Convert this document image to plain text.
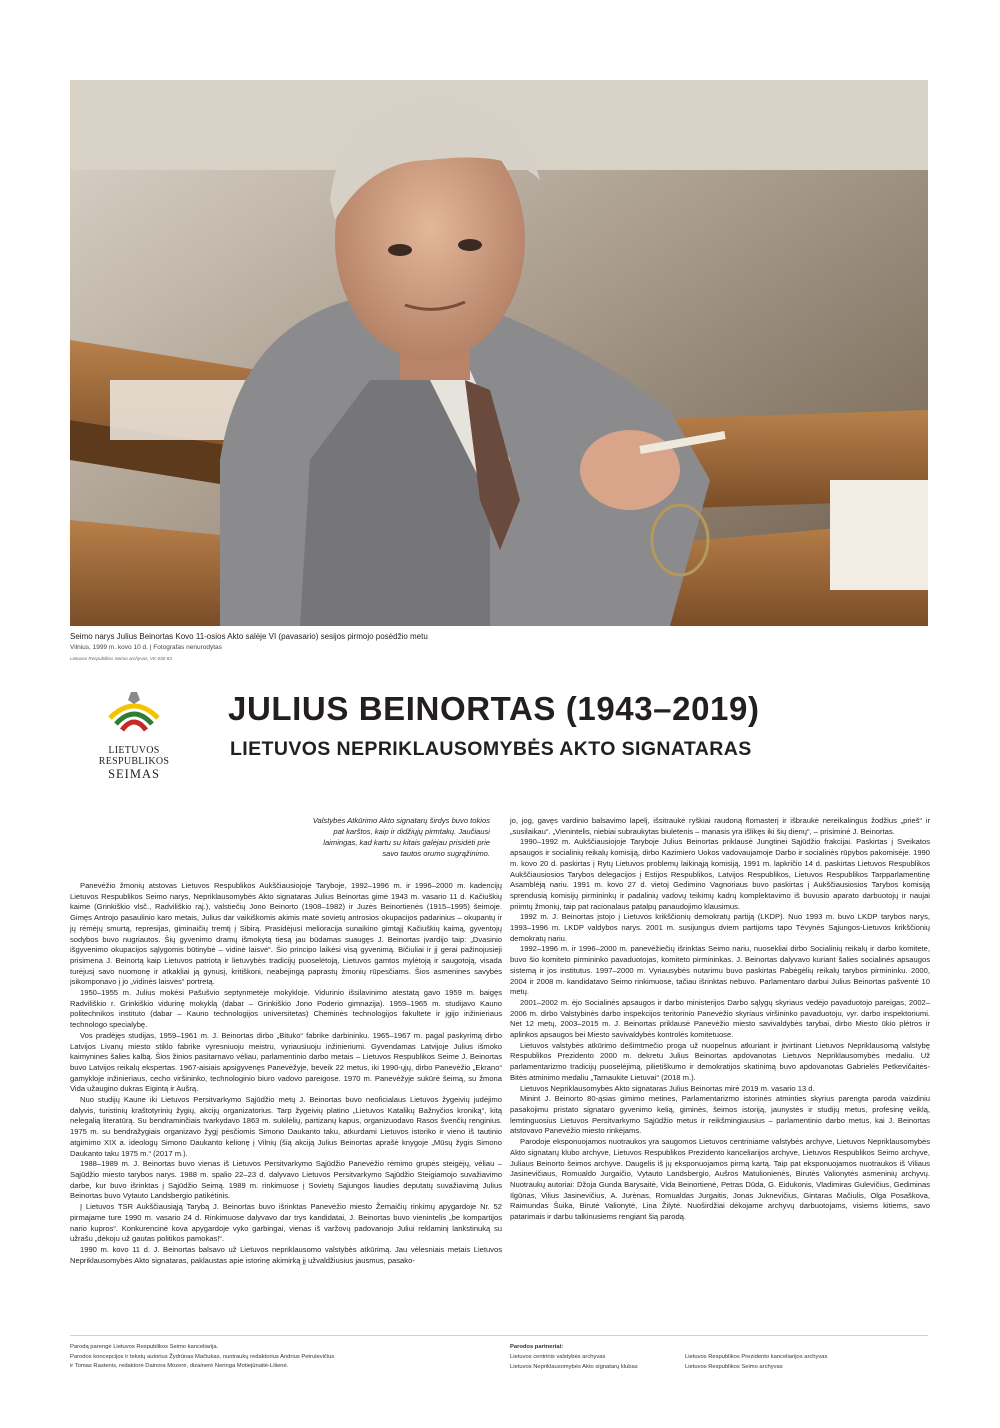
Seimo narys Julius Beinortas Kovo 11-osios Akto salėje VI (pavasario) sesijos pirmojo posėdžio metu
Vilnius, 1999 m. kovo 10 d. | Fotografas nenurodytas
Lietuvos Respublikos Seimo archyvas, VK-030-83
LIETUVOS RESPUBLIKOS
SEIMAS
JULIUS BEINORTAS (1943–2019)
LIETUVOS NEPRIKLAUSOMYBĖS AKTO SIGNATARAS
Valstybės Atkūrimo Akto signatarų širdys buvo tokios pat karštos, kaip ir didžiųjų pirmtakų. Jaučiausi laimingas, kad kartu su kitais galėjau prisidėti prie savo tautos orumo sugrąžinimo.

Panevėžio žmonių atstovas Lietuvos Respublikos Aukščiausiojoje Taryboje, 1992–1996 m. ir 1996–2000 m. kadencijų Lietuvos Respublikos Seimo narys, Nepriklausomybės Akto signataras Julius Beinortas gimė 1943 m. vasario 11 d. Kačiuškių kaime (Grinkiškio vlsč., Radviliškio raj.), valstiečių Jono Beinorto (1908–1982) ir Juzės Beinortienės (1915–1995) šeimoje. Gimęs Antrojo pasaulinio karo metais, Julius dar vaikiškomis akimis matė sovietų antrosios okupacijos padarinius – okupantų ir jų rėmėjų smurtą, represijas, giminaičių tremtį į Sibirą. Prasidėjusi melioracija sunaikino gimtąjį Kačiuškių kaimą, gyventojų sodybos buvo nugriautos. Šių gyvenimo dramų išmokytą tiesą jau būdamas suaugęs J. Beinortas įvardijo taip: „Dvasinio išgyvenimo okupacijos sąlygomis būtinybė – vidinė laisvė“. Šio principo laikėsi visą gyvenimą. Bičiuliai ir jį gerai pažinojusieji prisimena J. Beinortą kaip Lietuvos patriotą ir lietuvybės tradicijų puoselėtoją, Lietuvos gamtos mylėtoją ir saugotoją, visada turėjusį savo nuomonę ir atkakliai ją gynusį, kritiškoni, neabejingą paprastų žmonių rūpesčiams. Šios asmenines savybės jsikomponavo į jo „vidinės laisvės“ portretą.

1950–1955 m. Julius mokėsi Pašušvio septynmetėje mokykloje. Vidurinio išsilavinimo atestatą gavo 1959 m. baigęs Radviliškio r. Grinkiškio vidurinę mokyklą (dabar – Grinkiškio Jono Poderio gimnazija). 1959–1965 m. studijavo Kauno politechnikos instituto (dabar – Kauno technologijos universitetas) Cheminės technologijos fakultete ir įgijo inžinieriaus technologo specialybę.

Vos pradėjęs studijas, 1959–1961 m. J. Beinortas dirbo „Bituko“ fabrike darbininku. 1965–1967 m. pagal paskyrimą dirbo Latvijos Livanų miesto stiklo fabrike vyresniuoju meistru, vyriausiuoju inžinieriumi. Gyvendamas Latvijoje Julius išmoko kaimynines šalies kalbą. Šios žinios pasitarnavo vėliau, parlamentinio darbo metais – Lietuvos Respublikos Seime J. Beinortas buvo Latvijos reikalų ekspertas. 1967-aisiais apsigyvenęs Panevėžyje, beveik 22 metus, iki 1990-ųjų, dirbo Panevėžio „Ekrano“ gamykloje inžinieriaus, cecho viršininko, technologinio biuro vadovo pareigose. 1970 m. Panevėžyje sukūrė šeimą, su žmona Vida užaugino dukras Eigintą ir Aušrą.

Nuo studijų Kaune iki Lietuvos Persitvarkymo Sąjūdžio metų J. Beinortas buvo neoficialaus Lietuvos žygeivių judėjimo dalyvis, turistinių kraštotyrinių žygių, akcijų organizatorius. Tarp žygeivių platino „Lietuvos Katalikų Bažnyčios kroniką“, kitą nelegalią literatūrą. Su bendraminčiais tvarkydavo 1863 m. sukilėlių, partizanų kapus, organizuodavo Rasos švenčių renginius. 1975 m. su bendražygiais organizavo žygį pėsčiomis Simono Daukanto taku, atkurdami Lietuvos istorikо ir vieno iš tautinio atgimimo XIX a. ideologų Simono Daukanto kelionę į Vilnių (šią akciją Julius Beinortas aprašė knygoje „Mūsų žygis Simono Daukanto taku 1975 m.“ (2017 m.).

1988–1989 m. J. Beinortas buvo vienas iš Lietuvos Persitvarkymo Sąjūdžio Panevėžio rėmimo grupės steigėjų, vėliau – Sąjūdžio miesto tarybos narys. 1988 m. spalio 22–23 d. dalyvavo Lietuvos Persitvarkymo Sąjūdžio Steigiamojo suvažiavimo darbe, kur buvo išrinktas į Sąjūdžio Seimą. 1989 m. rinkimuose į Sovietų Sąjungos liaudies deputatų suvažiavimą Julius Beinortas buvo Vytauto Landsbergio patikėtinis.

Į Lietuvos TSR Aukščiausiąją Tarybą J. Beinortas buvo išrinktas Panevėžio miesto Žemaičių rinkimų apygardoje Nr. 52 pirmajame ture 1990 m. vasario 24 d. Rinkimuose dalyvavo dar trys kandidatai, J. Beinortas buvo vienintelis „be kompartijos nario kupros“. Konkurencinė kova apygardoje vyko garbingai, vienas iš varžovų padovanojo Juliui reklaminį lankstinuką su užrašu „dėkoju už gautas politikos pamokas!“.

1990 m. kovo 11 d. J. Beinortas balsavo už Lietuvos nepriklausomo valstybės atkūrimą. Jau vėlesniais metais Lietuvos Nepriklausomybės Akto signataras, paklaustas apie istorinę akimirką jį užvaldžiusius jausmus, pasako-

jo, jog, gavęs vardinio balsavimo lapelį, išsitraukė ryškiai raudoną flomasterį ir išbraukė nereikalingus žodžius „prieš“ ir „susilaikau“. „Vienintelis, niebiai subraukytas biuletenis – manasis yra išlikęs iki šių dienų“, – prisiminė J. Beinortas.

1990–1992 m. Aukščiausiojoje Taryboje Julius Beinortas priklausė Jungtinei Sąjūdžio frakcijai. Paskirtas į Sveikatos apsaugos ir socialinių reikalų komisiją, dirbo Kazimiero Uokos vadovaujamoje Darbo ir socialinės rūpybos pakomisėje. 1990 m. kovo 20 d. paskirtas į Rytų Lietuvos problemų laikinąją komisiją, 1991 m. lapkričio 14 d. paskirtas Lietuvos Respublikos Aukščiausiosios Tarybos delegacijos į Estijos Respublikos, Latvijos Respublikos, Lietuvos Respublikos Tarpparlamentinę Asamblėją nariu. 1991 m. kovo 27 d. vietoj Gedimino Vagnoriaus buvo paskirtas į Aukščiausiosios Tarybos komisiją sprendusią komisijų pirmininkų ir padalinių vadovų teikimų kadrų komplektavimo iš buvusio aparato darbuotojų ir naujai priimtų žmonių, taip pat racionalaus patalpų panaudojimo klausimus.

1992 m. J. Beinortas įstojo į Lietuvos krikščionių demokratų partiją (LKDP). Nuo 1993 m. buvo LKDP tarybos narys, 1993–1996 m. LKDP valdybos narys. 2001 m. susijungus dviem partijoms tapo Tėvynės Sąjungos-Lietuvos krikščionių demokratų nariu.

1992–1996 m. ir 1996–2000 m. panevėžiečių išrinktas Seimo nariu, nuosekliai dirbo Socialinių reikalų ir darbo komitete, buvo šio komiteto pirmininko pavaduotojas, komiteto pirmininkas. J. Beinortas dalyvavo kuriant šalies socialinės apsaugos sistemą ir jos institutus. 1997–2000 m. Vyriausybės nutarimu buvo paskirtas Pabėgėlių reikalų tarybos pirmininku. 2000, 2004 ir 2008 m. kandidatavo Seimo rinkimuose, tačiau išrinktas nebuvo. Parlamentaro darbui Julius Beinortas pašventė 10 metų.

2001–2002 m. ėjo Socialinės apsaugos ir darbo ministerijos Darbo sąlygų skyriaus vedėjo pavaduotojo pareigas, 2002–2006 m. dirbo Valstybinės darbo inspekcijos teritorinio Panevėžio skyriaus viršininko pavaduotoju, vyr. darbo inspektoriumi. Net 12 metų, 2003–2015 m. J. Beinortas priklausė Panevėžio miesto savivaldybės tarybai, dirbo Miesto ūkio plėtros ir aplinkos apsaugos bei Miesto savivaldybės kontrolės komitetuose.

Lietuvos valstybės atkūrimo dešimtmečio proga už nuopelnus atkuriant ir įtvirtinant Lietuvos Nepriklausomą valstybę Respublikos Prezidento 2000 m. dekretu Julius Beinortas apdovanotas Lietuvos Nepriklausomybės medaliu. Už parlamentarizmo tradicijų puoselėjimą, pilietiškumo ir demokratijos skatinimą buvo apdovanotas Gabrielės Petkevičaitės-Bitės atminimo medaliu „Tarnaukite Lietuvai“ (2018 m.).

Lietuvos Nepriklausomybės Akto signataras Julius Beinortas mirė 2019 m. vasario 13 d.

Minint J. Beinorto 80-ąsias gimimo metines, Parlamentarizmo istorinės atminties skyrius parengta paroda vaizdiniu pasakojimu pristato signataro gyvenimo kelią, giminės, šeimos istoriją, jaunystės ir studijų metus, profesinę veiklą, lemtinguosius Lietuvos Persitvarkymo Sąjūdžio metus ir reikšmingiausius – parlamentinio darbo metus, kai J. Beinortas atstovavo Panevėžio miesto rinkėjams.

Parodoje eksponuojamos nuotraukos yra saugomos Lietuvos centriniame valstybės archyve, Lietuvos Nepriklausomybės Akto signatarų klubo archyve, Lietuvos Respublikos Prezidento kanceliarijos archyve, Lietuvos Respublikos Seimo archyve, Juliaus Beinorto šeimos archyve. Daugelis iš jų eksponuojamos pirmą kartą. Taip pat eksponuojamos nuotraukos iš Viliaus Jasinevičiaus, Romualdo Jurgaičio, Vytauto Landsbergio, Aušros Matulionienės, Birutės Valionytės asmeninių archyvų. Nuotraukų autoriai: Džoja Gunda Barysaitė, Vida Beinortienė, Petras Dūda, G. Eidukonis, Vladimiras Gulevičius, Gediminas Ilgūnas, Vilius Jasinevičius, A. Jurėnas, Romualdas Jurgaitis, Jonas Juknevičius, Gintaras Mačiulis, Olga Posaškova, Raimundas Šuika, Birutė Valionytė, Lina Žilytė. Nuoširdžiai dėkojame archyvų darbuotojams, visiems kitiems, savo patarimais ir darbu talkinusiems rengiant šią parodą.

Parodą parengė Lietuvos Respublikos Seimo kanceliarija.
Parodos koncepcijos ir tekstų autorius Žydrūnas Mačiukas, nuotraukų redaktorius Andrius Petrulevičius
ir Tomas Rastenis, redaktorė Dainora Mozerė, dizainerė Neringa Motiejūnaitė-Lilienė.
Parodos partneriai:
Lietuvos centrinis valstybės archyvas
Lietuvos Nepriklausomybės Akto signatarų klubas
Lietuvos Respublikos Prezidento kanceliarijos archyvas
Lietuvos Respublikos Seimo archyvas
